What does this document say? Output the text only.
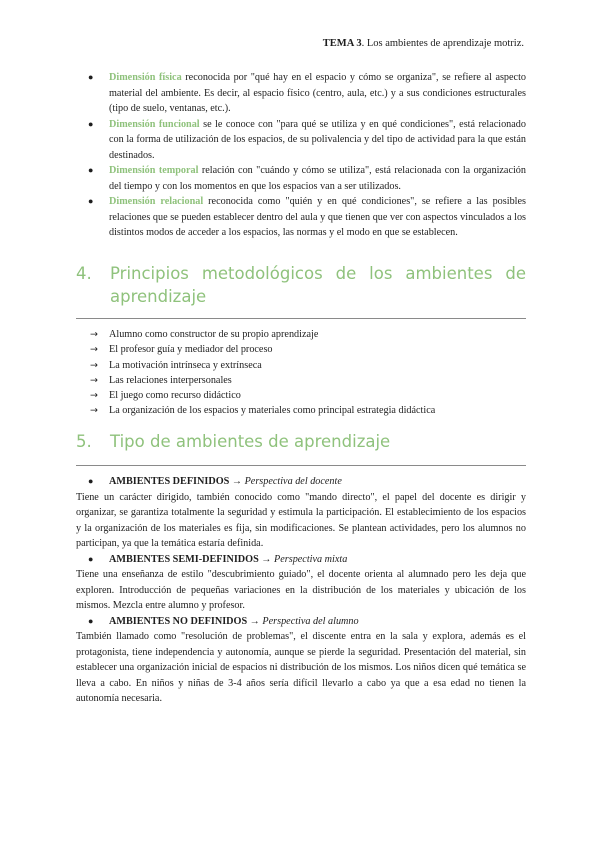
TEMA 3. Los ambientes de aprendizaje motriz.
● Dimensión física reconocida por "qué hay en el espacio y cómo se organiza", se refiere al aspecto material del ambiente. Es decir, al espacio físico (centro, aula, etc.) y a sus condiciones estructurales (tipo de suelo, ventanas, etc.).
● Dimensión funcional se le conoce con "para qué se utiliza y en qué condiciones", está relacionado con la forma de utilización de los espacios, de su polivalencia y del tipo de actividad para la que están destinados.
● Dimensión temporal relación con "cuándo y cómo se utiliza", está relacionada con la organización del tiempo y con los momentos en que los espacios van a ser utilizados.
● Dimensión relacional reconocida como "quién y en qué condiciones", se refiere a las posibles relaciones que se pueden establecer dentro del aula y que tienen que ver con aspectos vinculados a los distintos modos de acceder a los espacios, las normas y el modo en que se establecen.
4. Principios metodológicos de los ambientes de aprendizaje
→ Alumno como constructor de su propio aprendizaje
→ El profesor guía y mediador del proceso
→ La motivación intrínseca y extrínseca
→ Las relaciones interpersonales
→ El juego como recurso didáctico
→ La organización de los espacios y materiales como principal estrategia didáctica
5. Tipo de ambientes de aprendizaje
● AMBIENTES DEFINIDOS → Perspectiva del docente

Tiene un carácter dirigido, también conocido como "mando directo", el papel del docente es dirigir y organizar, se garantiza totalmente la seguridad y estimula la participación. El establecimiento de los espacios y la organización de los materiales es fija, sin modificaciones. Se plantean actividades, pero los alumnos no participan, ya que la temática estaría definida.

● AMBIENTES SEMI-DEFINIDOS → Perspectiva mixta

Tiene una enseñanza de estilo "descubrimiento guiado", el docente orienta al alumnado pero les deja que exploren. Introducción de pequeñas variaciones en la distribución de los materiales y ubicación de los mismos. Mezcla entre alumno y profesor.

● AMBIENTES NO DEFINIDOS → Perspectiva del alumno

También llamado como "resolución de problemas", el discente entra en la sala y explora, además es el protagonista, tiene independencia y autonomía, aunque se pierde la seguridad. Presentación del material, sin establecer una organización inicial de espacios ni distribución de los mismos. Los niños dicen qué temática se lleva a cabo. En niños y niñas de 3-4 años sería difícil llevarlo a cabo ya que a esa edad no tienen la autonomía necesaria.
